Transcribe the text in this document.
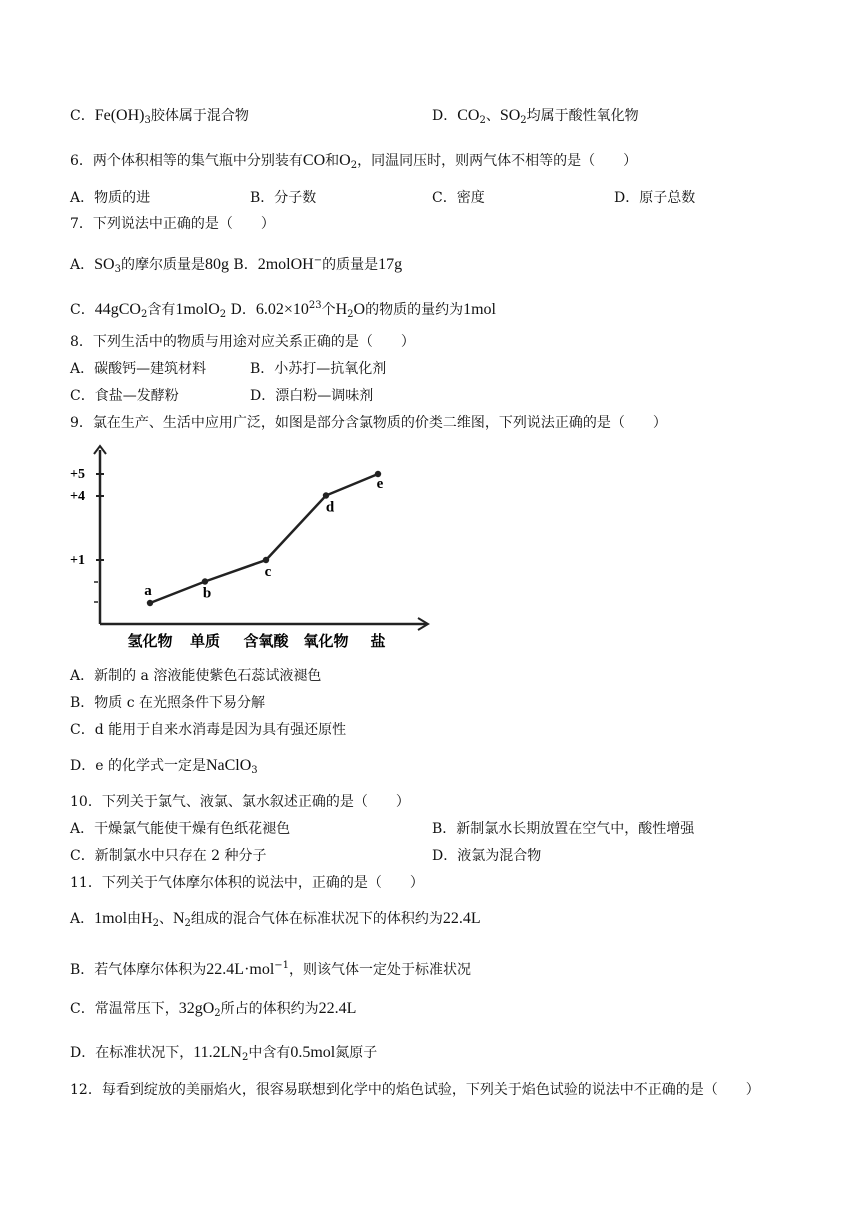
C．$Fe(OH)_3$胶体属于混合物	D．$CO_2$、$SO_2$均属于酸性氧化物
6．两个体积相等的集气瓶中分别装有CO和$O_2$，同温同压时，则两气体不相等的是（　　）
A．物质的进	B．分子数	C．密度	D．原子总数
7．下列说法中正确的是（　　）
A．$SO_3$的摩尔质量是80g B．2molOH−的质量是17g
C．44gCO$_2$含有1molO$_2$ D．$6.02\times 10^{23}$个$H_2O$的物质的量约为1mol
8．下列生活中的物质与用途对应关系正确的是（　　）
A．碳酸钙—建筑材料	B．小苏打—抗氧化剂
C．食盐—发酵粉	D．漂白粉—调味剂
9．氯在生产、生活中应用广泛，如图是部分含氯物质的价类二维图，下列说法正确的是（　　）
+5
+4
+1
氢化物 单质 含氧酸 氧化物 盐
a	b
c
d
e
A．新制的 a 溶液能使紫色石蕊试液褪色
B．物质 c 在光照条件下易分解
C．d 能用于自来水消毒是因为具有强还原性
D．e 的化学式一定是NaClO$_3$
10．下列关于氯气、液氯、氯水叙述正确的是（　　）
A．干燥氯气能使干燥有色纸花褪色	B．新制氯水长期放置在空气中，酸性增强
C．新制氯水中只存在 2 种分子	D．液氯为混合物
11．下列关于气体摩尔体积的说法中，正确的是（　　）
A．1mol由$H_2$、$N_2$组成的混合气体在标准状况下的体积约为22.4L
B．若气体摩尔体积为22.4L·mol$^{-1}$，则该气体一定处于标准状况
C．常温常压下，$32gO_2$所占的体积约为22.4L
D．在标准状况下，$11.2LN_2$中含有0.5mol氮原子
12．每看到绽放的美丽焰火，很容易联想到化学中的焰色试验，下列关于焰色试验的说法中不正确的是（　　）
